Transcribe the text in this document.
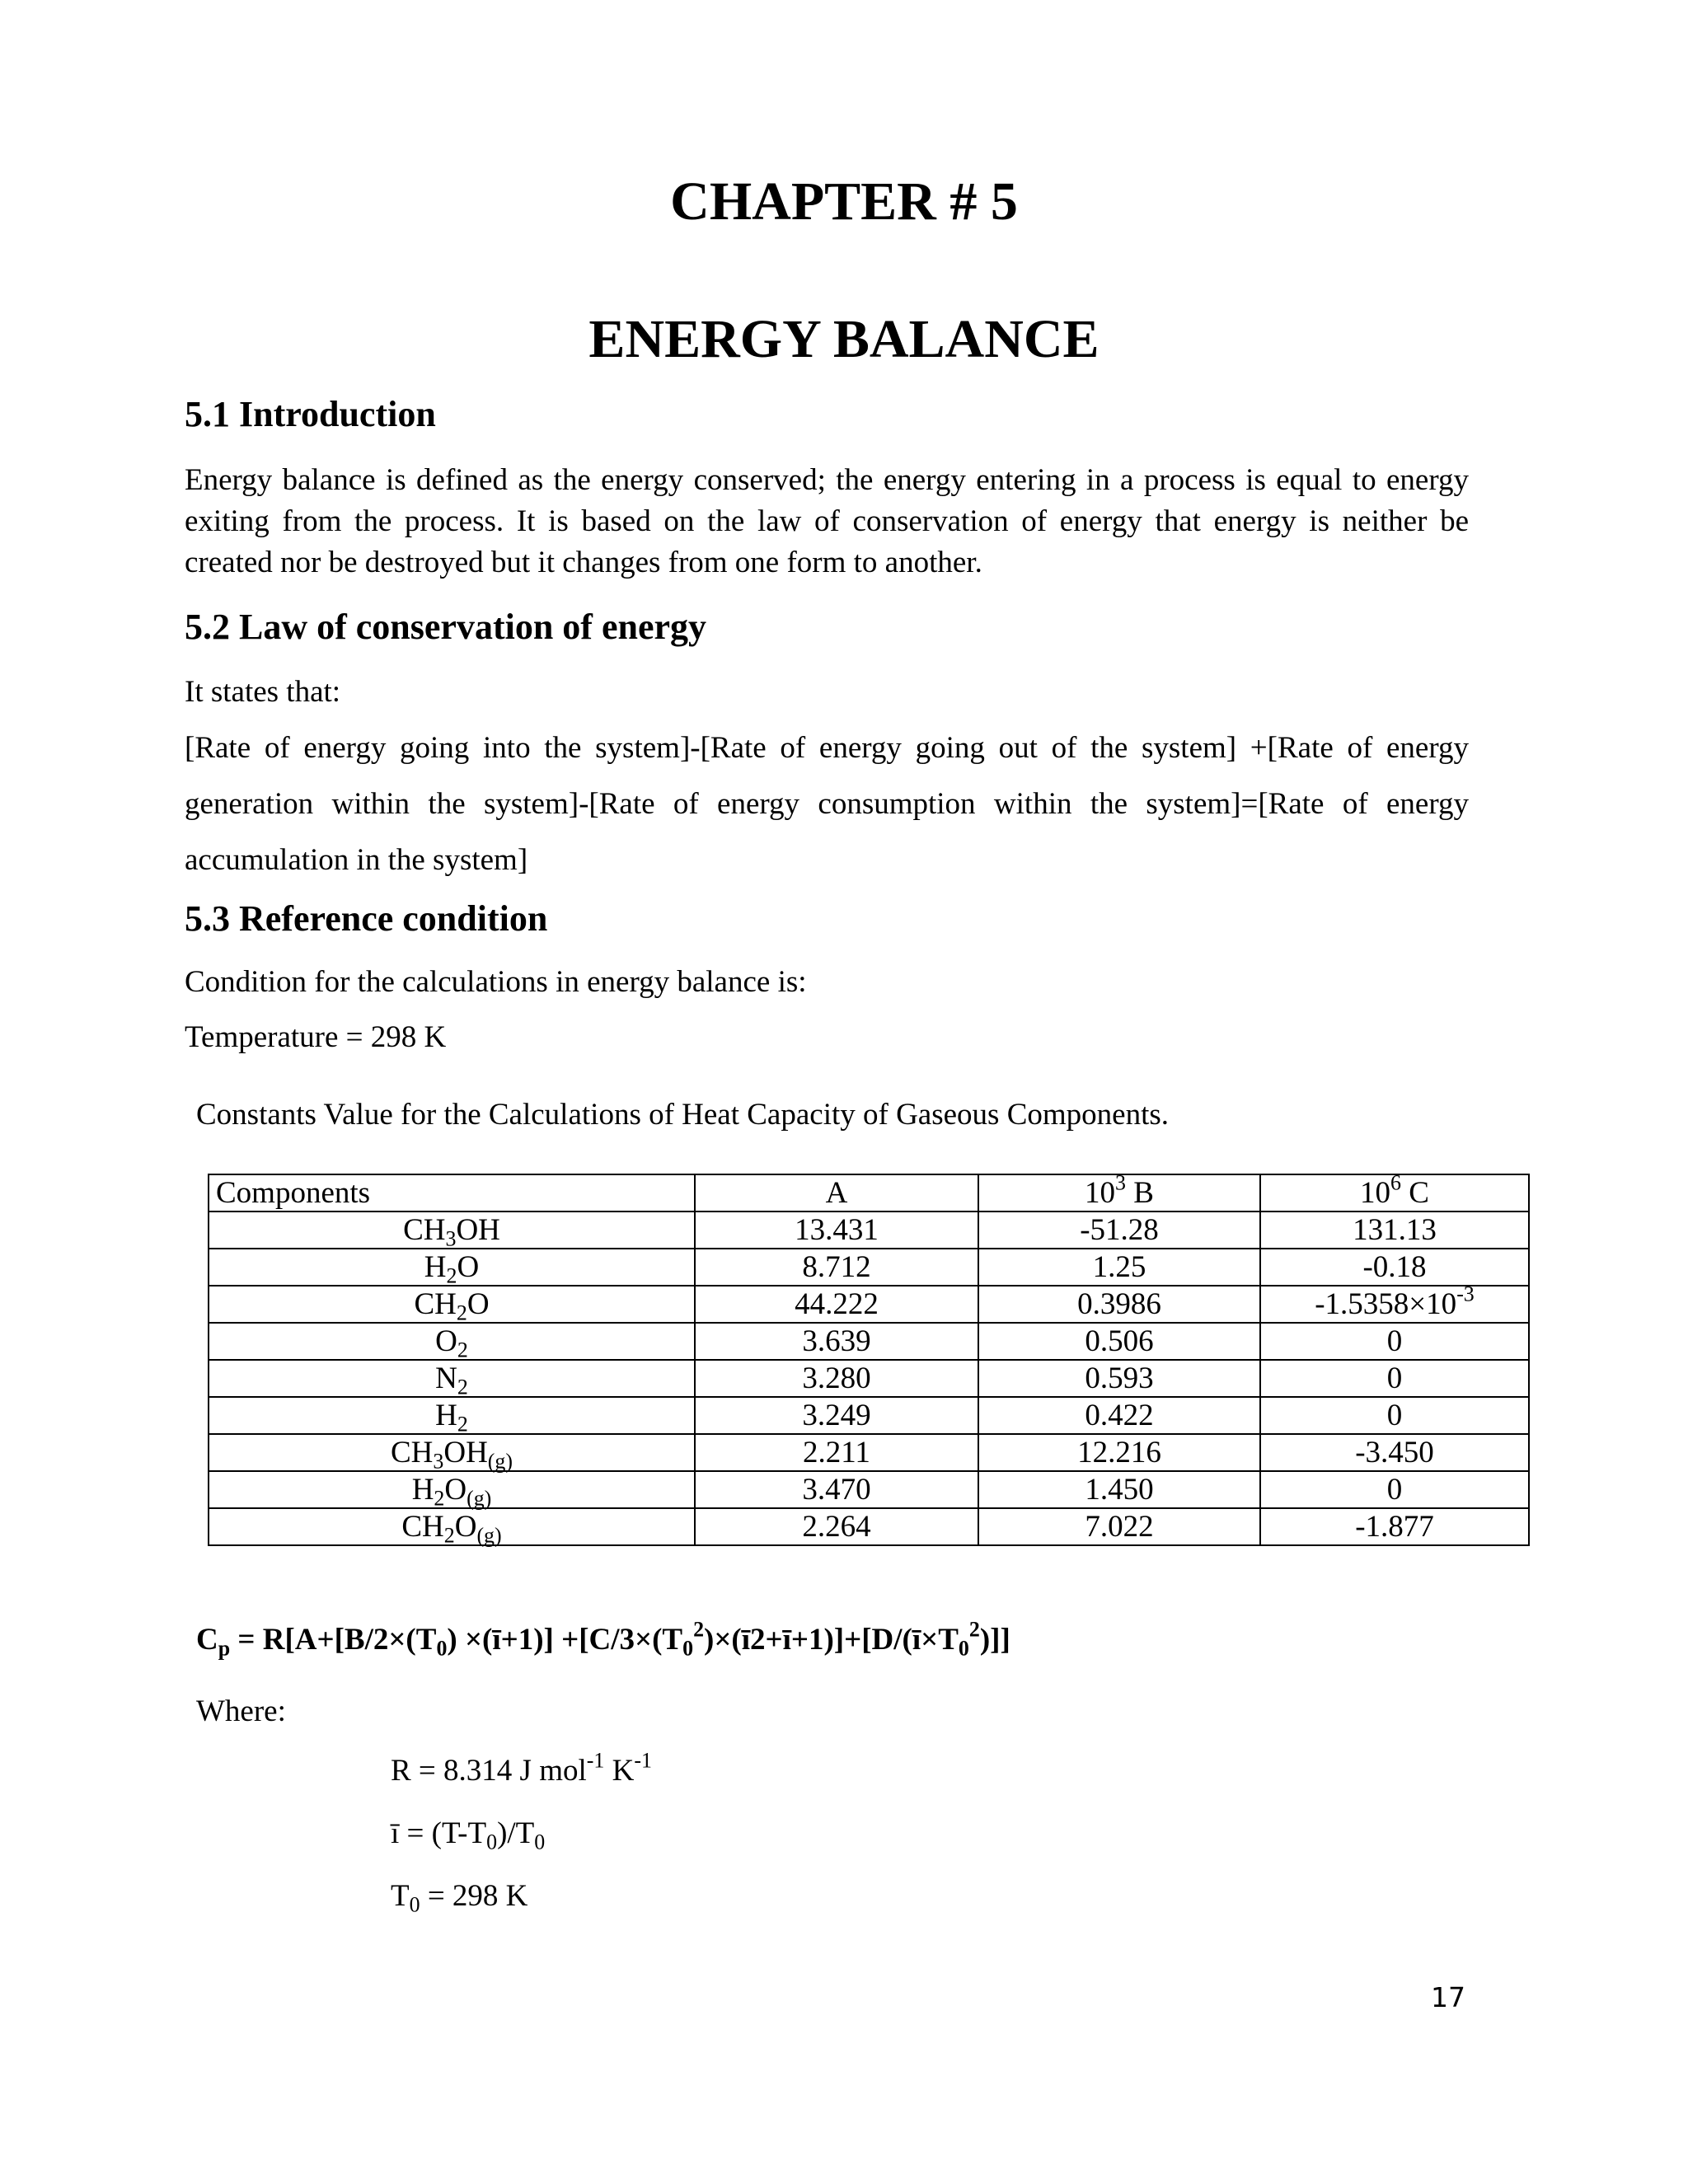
CHAPTER # 5
ENERGY BALANCE
5.1 Introduction
Energy balance is defined as the energy conserved; the energy entering in a process is equal to energy exiting from the process. It is based on the law of conservation of energy that energy is neither be created nor be destroyed but it changes from one form to another.
5.2 Law of conservation of energy
It states that:
[Rate of energy going into the system]-[Rate of energy going out of the system] +[Rate of energy generation within the system]-[Rate of energy consumption within the system]=[Rate of energy accumulation in the system]
5.3 Reference condition
Condition for the calculations in energy balance is:
Temperature = 298 K
Constants Value for the Calculations of Heat Capacity of Gaseous Components.
Components	A	$10^3$ B	$10^6$ C
$CH_3OH$	13.431	-51.28	131.13
$H_2O$	8.712	1.25	-0.18
$CH_2O$	44.222	0.3986	$-1.5358\times 10^{-3}$
$O_2$	3.639	0.506	0
$N_2$	3.280	0.593	0
$H_2$	3.249	0.422	0
$CH_3OH_{(g)}$	2.211	12.216	-3.450
$H_2O_{(g)}$	3.470	1.450	0
$CH_2O_{(g)}$	2.264	7.022	-1.877
$C_p = R[A+[B/2\times(T_0)$ ×(ī+1)] $+[C/3\times(T_0^2)\times(ī2+ī+1)]+[D/(ī\times T_0^2)]$]
Where:
R = 8.314 J mol$^{-1}$ $K^{-1}$
ī = $(T-T_0)/T_0$
$T_0 = 298$ K
17
